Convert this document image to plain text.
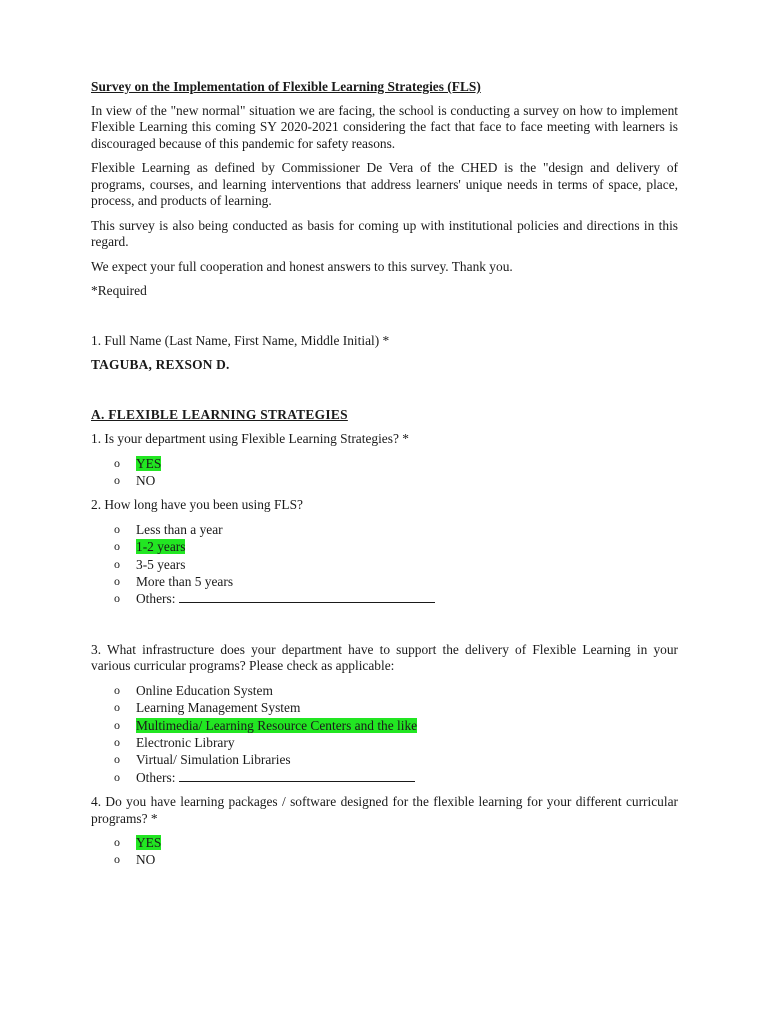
Survey on the Implementation of Flexible Learning Strategies (FLS)

In view of the "new normal" situation we are facing, the school is conducting a survey on how to implement Flexible Learning this coming SY 2020-2021 considering the fact that face to face meeting with learners is discouraged because of this pandemic for safety reasons.

Flexible Learning as defined by Commissioner De Vera of the CHED is the "design and delivery of programs, courses, and learning interventions that address learners' unique needs in terms of space, place, process, and products of learning.

This survey is also being conducted as basis for coming up with institutional policies and directions in this regard.

We expect your full cooperation and honest answers to this survey. Thank you.

*Required

1. Full Name (Last Name, First Name, Middle Initial) *

TAGUBA, REXSON D.

A. FLEXIBLE LEARNING STRATEGIES

1. Is your department using Flexible Learning Strategies? *

o YES
o NO

2. How long have you been using FLS?

o Less than a year
o 1-2 years
o 3-5 years
o More than 5 years
o Others:

3. What infrastructure does your department have to support the delivery of Flexible Learning in your various curricular programs? Please check as applicable:

o Online Education System
o Learning Management System
o Multimedia/ Learning Resource Centers and the like
o Electronic Library
o Virtual/ Simulation Libraries
o Others:

4. Do you have learning packages / software designed for the flexible learning for your different curricular programs? *

o YES
o NO
